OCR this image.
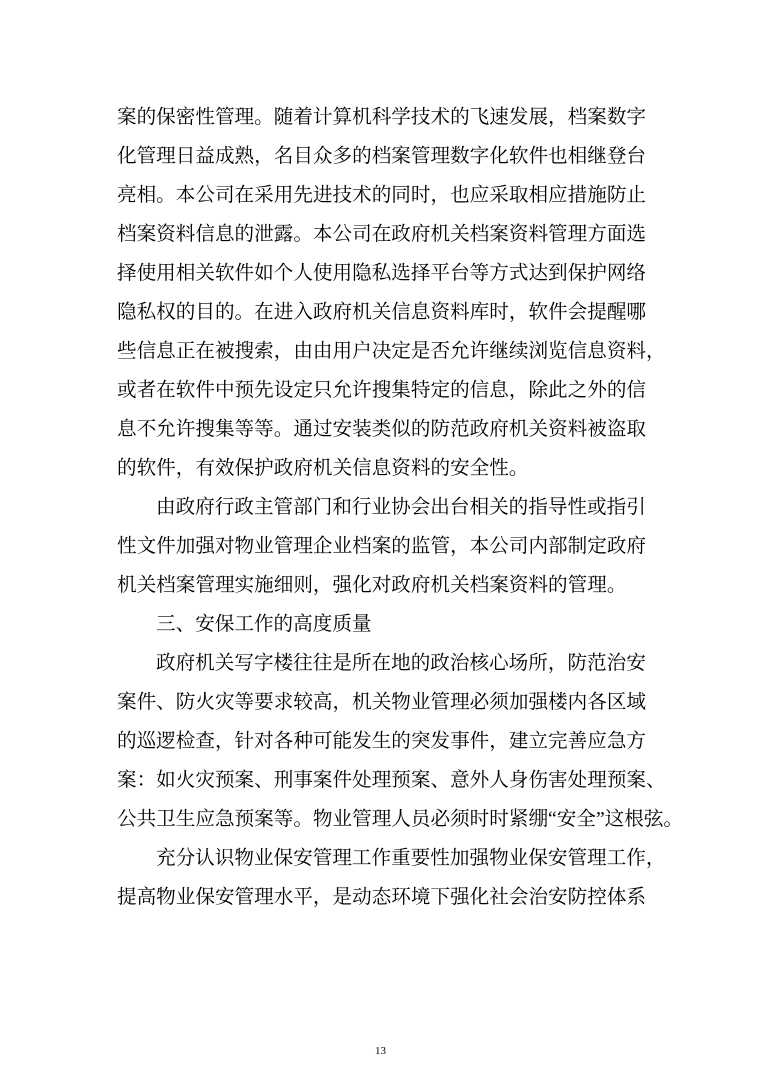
案的保密性管理。随着计算机科学技术的飞速发展，档案数字
化管理日益成熟，名目众多的档案管理数字化软件也相继登台
亮相。本公司在采用先进技术的同时，也应采取相应措施防止
档案资料信息的泄露。本公司在政府机关档案资料管理方面选
择使用相关软件如个人使用隐私选择平台等方式达到保护网络
隐私权的目的。在进入政府机关信息资料库时，软件会提醒哪
些信息正在被搜索，由由用户决定是否允许继续浏览信息资料，
或者在软件中预先设定只允许搜集特定的信息，除此之外的信
息不允许搜集等等。通过安装类似的防范政府机关资料被盗取
的软件，有效保护政府机关信息资料的安全性。
由政府行政主管部门和行业协会出台相关的指导性或指引
性文件加强对物业管理企业档案的监管，本公司内部制定政府
机关档案管理实施细则，强化对政府机关档案资料的管理。
三、安保工作的高度质量
政府机关写字楼往往是所在地的政治核心场所，防范治安
案件、防火灾等要求较高，机关物业管理必须加强楼内各区域
的巡逻检查，针对各种可能发生的突发事件，建立完善应急方
案：如火灾预案、刑事案件处理预案、意外人身伤害处理预案、
公共卫生应急预案等。物业管理人员必须时时紧绷“安全”这根弦。
充分认识物业保安管理工作重要性加强物业保安管理工作，
提高物业保安管理水平，是动态环境下强化社会治安防控体系
13
